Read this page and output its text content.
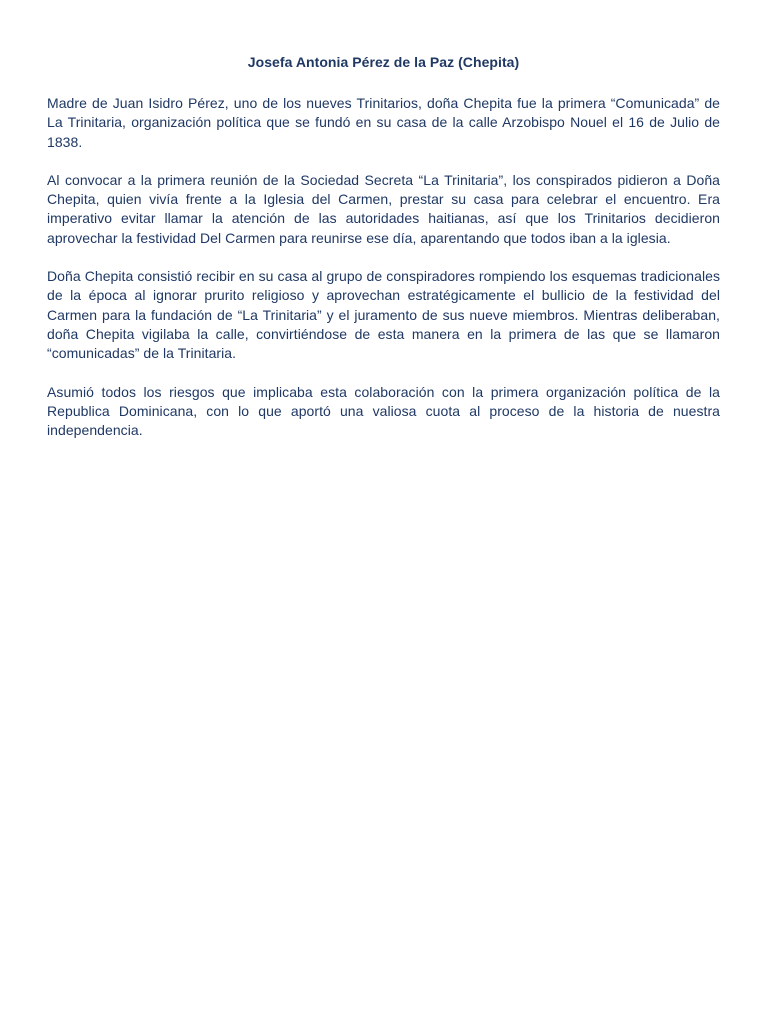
Josefa Antonia Pérez de la Paz (Chepita)

Madre de Juan Isidro Pérez, uno de los nueves Trinitarios, doña Chepita fue la primera “Comunicada” de La Trinitaria, organización política que se fundó en su casa de la calle Arzobispo Nouel el 16 de Julio de 1838.

Al convocar a la primera reunión de la Sociedad Secreta “La Trinitaria”, los conspirados pidieron a Doña Chepita, quien vivía frente a la Iglesia del Carmen, prestar su casa para celebrar el encuentro. Era imperativo evitar llamar la atención de las autoridades haitianas, así que los Trinitarios decidieron aprovechar la festividad Del Carmen para reunirse ese día, aparentando que todos iban a la iglesia.

Doña Chepita consistió recibir en su casa al grupo de conspiradores rompiendo los esquemas tradicionales de la época al ignorar prurito religioso y aprovechan estratégicamente el bullicio de la festividad del Carmen para la fundación de “La Trinitaria” y el juramento de sus nueve miembros. Mientras deliberaban, doña Chepita vigilaba la calle, convirtiéndose de esta manera en la primera de las que se llamaron “comunicadas” de la Trinitaria.

Asumió todos los riesgos que implicaba esta colaboración con la primera organización política de la Republica Dominicana, con lo que aportó una valiosa cuota al proceso de la historia de nuestra independencia.
